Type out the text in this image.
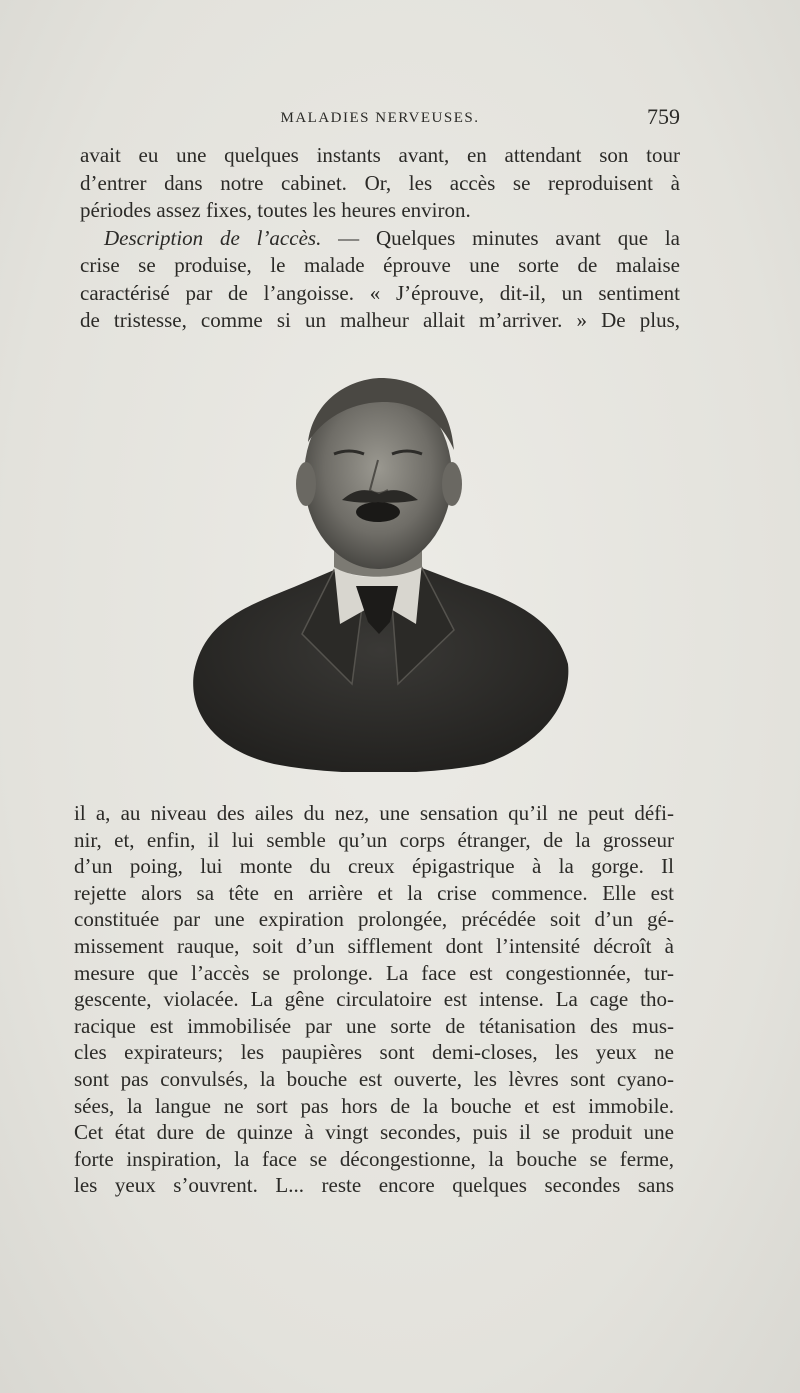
MALADIES NERVEUSES.	759
avait eu une quelques instants avant, en attendant son tour
d’entrer dans notre cabinet. Or, les accès se reproduisent à
périodes assez fixes, toutes les heures environ.
Description de l’accès. — Quelques minutes avant que la
crise se produise, le malade éprouve une sorte de malaise
caractérisé par de l’angoisse. « J’éprouve, dit-il, un sentiment
de tristesse, comme si un malheur allait m’arriver. » De plus,
il a, au niveau des ailes du nez, une sensation qu’il ne peut défi-
nir, et, enfin, il lui semble qu’un corps étranger, de la grosseur
d’un poing, lui monte du creux épigastrique à la gorge. Il
rejette alors sa tête en arrière et la crise commence. Elle est
constituée par une expiration prolongée, précédée soit d’un gé-
missement rauque, soit d’un sifflement dont l’intensité décroît à
mesure que l’accès se prolonge. La face est congestionnée, tur-
gescente, violacée. La gêne circulatoire est intense. La cage tho-
racique est immobilisée par une sorte de tétanisation des mus-
cles expirateurs; les paupières sont demi-closes, les yeux ne
sont pas convulsés, la bouche est ouverte, les lèvres sont cyano-
sées, la langue ne sort pas hors de la bouche et est immobile.
Cet état dure de quinze à vingt secondes, puis il se produit une
forte inspiration, la face se décongestionne, la bouche se ferme,
les yeux s’ouvrent. L... reste encore quelques secondes sans
